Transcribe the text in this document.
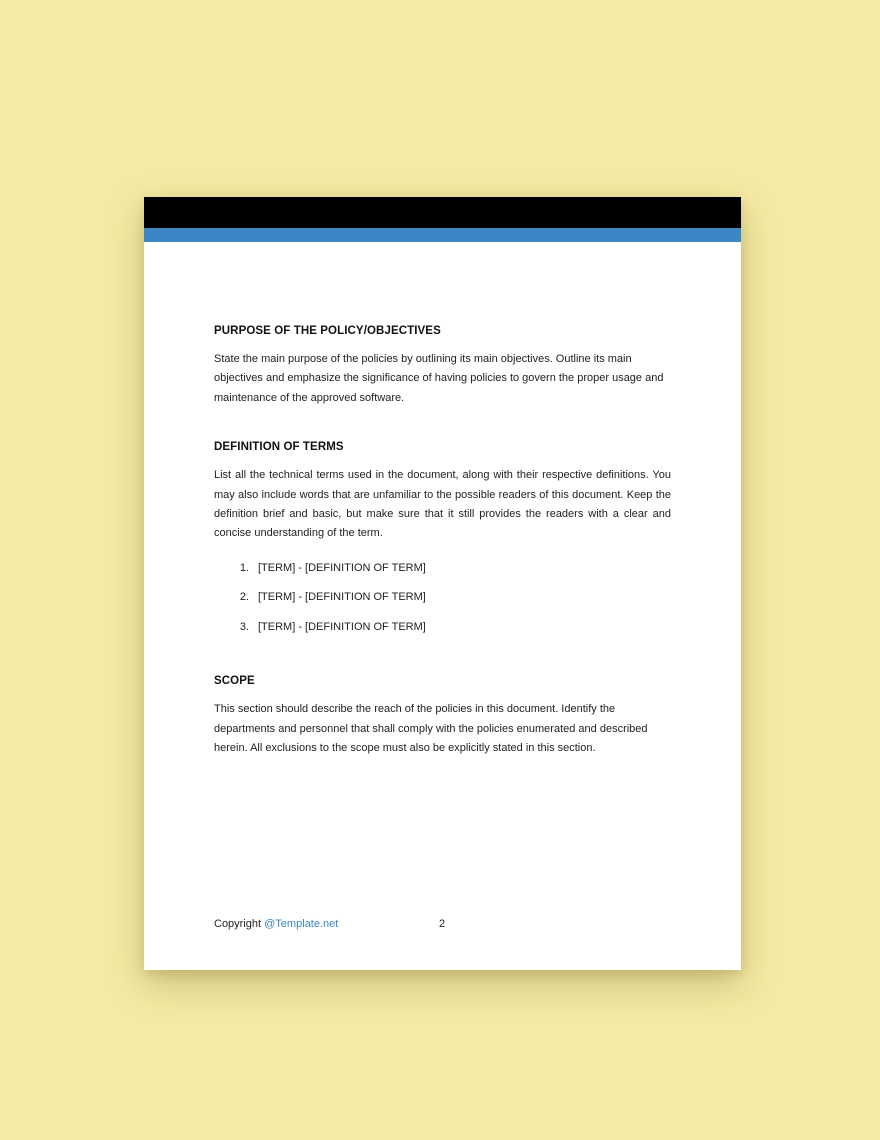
PURPOSE OF THE POLICY/OBJECTIVES

State the main purpose of the policies by outlining its main objectives. Outline its main objectives and emphasize the significance of having policies to govern the proper usage and maintenance of the approved software.

DEFINITION OF TERMS

List all the technical terms used in the document, along with their respective definitions. You may also include words that are unfamiliar to the possible readers of this document. Keep the definition brief and basic, but make sure that it still provides the readers with a clear and concise understanding of the term.

1. [TERM] - [DEFINITION OF TERM]
2. [TERM] - [DEFINITION OF TERM]
3. [TERM] - [DEFINITION OF TERM]
SCOPE

This section should describe the reach of the policies in this document. Identify the departments and personnel that shall comply with the policies enumerated and described herein. All exclusions to the scope must also be explicitly stated in this section.

Copyright @Template.net	2
